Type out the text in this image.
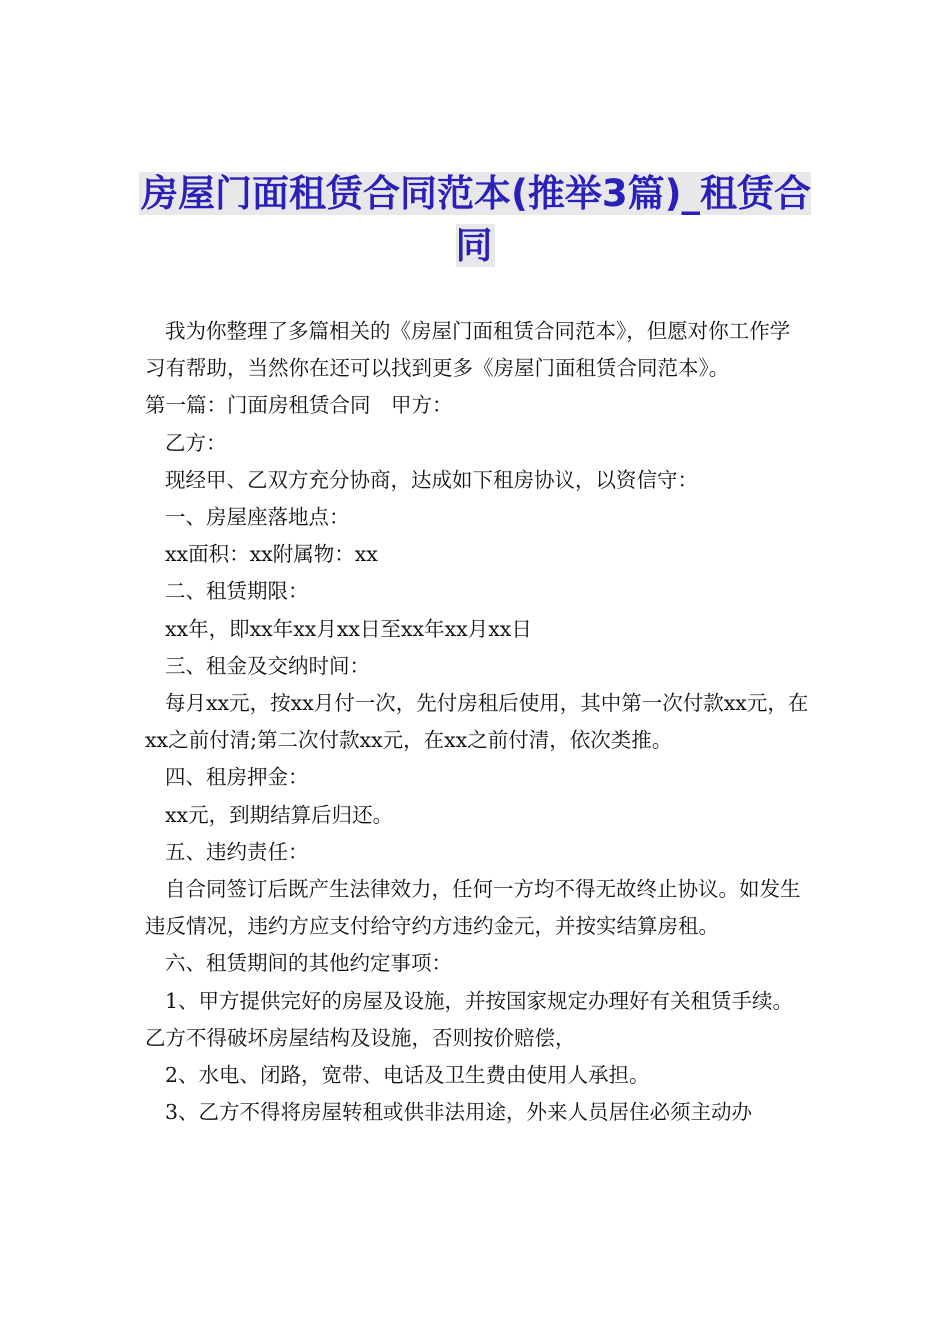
房屋门面租赁合同范本(推举3篇)_租赁合同

我为你整理了多篇相关的《房屋门面租赁合同范本》，但愿对你工作学习有帮助，当然你在还可以找到更多《房屋门面租赁合同范本》。

第一篇：门面房租赁合同　甲方：

乙方：

现经甲、乙双方充分协商，达成如下租房协议，以资信守：

一、房屋座落地点：

xx面积：xx附属物：xx

二、租赁期限：

xx年，即xx年xx月xx日至xx年xx月xx日

三、租金及交纳时间：

每月xx元，按xx月付一次，先付房租后使用，其中第一次付款xx元，在xx之前付清;第二次付款xx元，在xx之前付清，依次类推。

四、租房押金：

xx元，到期结算后归还。

五、违约责任：

自合同签订后既产生法律效力，任何一方均不得无故终止协议。如发生违反情况，违约方应支付给守约方违约金元，并按实结算房租。

六、租赁期间的其他约定事项：

1、甲方提供完好的房屋及设施，并按国家规定办理好有关租赁手续。乙方不得破坏房屋结构及设施，否则按价赔偿，

2、水电、闭路，宽带、电话及卫生费由使用人承担。

3、乙方不得将房屋转租或供非法用途，外来人员居住必须主动办
